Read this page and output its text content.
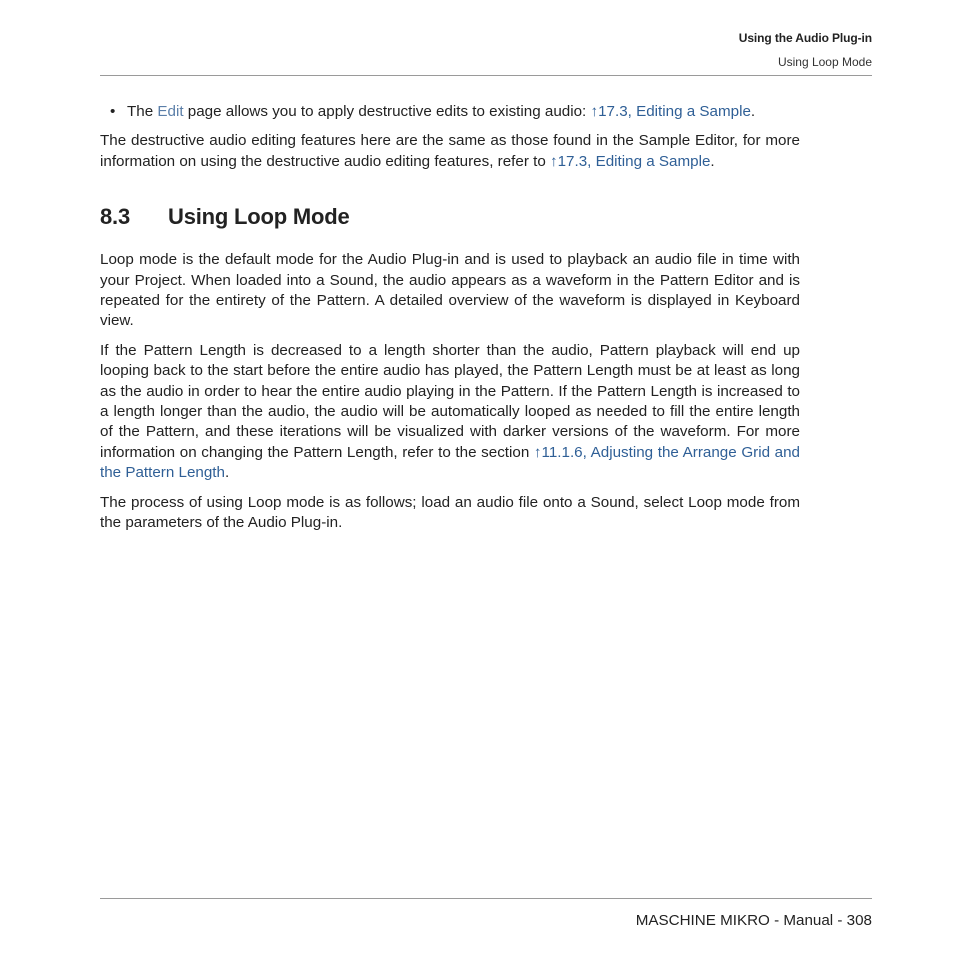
Using the Audio Plug-in
Using Loop Mode
• The Edit page allows you to apply destructive edits to existing audio: ↑17.3, Editing a Sample.

The destructive audio editing features here are the same as those found in the Sample Editor, for more information on using the destructive audio editing features, refer to ↑17.3, Editing a Sample.

8.3 Using Loop Mode

Loop mode is the default mode for the Audio Plug-in and is used to playback an audio file in time with your Project. When loaded into a Sound, the audio appears as a waveform in the Pattern Editor and is repeated for the entirety of the Pattern. A detailed overview of the waveform is displayed in Keyboard view.

If the Pattern Length is decreased to a length shorter than the audio, Pattern playback will end up looping back to the start before the entire audio has played, the Pattern Length must be at least as long as the audio in order to hear the entire audio playing in the Pattern. If the Pattern Length is increased to a length longer than the audio, the audio will be automatically looped as needed to fill the entire length of the Pattern, and these iterations will be visualized with darker versions of the waveform. For more information on changing the Pattern Length, refer to the section ↑11.1.6, Adjusting the Arrange Grid and the Pattern Length.

The process of using Loop mode is as follows; load an audio file onto a Sound, select Loop mode from the parameters of the Audio Plug-in.

MASCHINE MIKRO - Manual - 308
